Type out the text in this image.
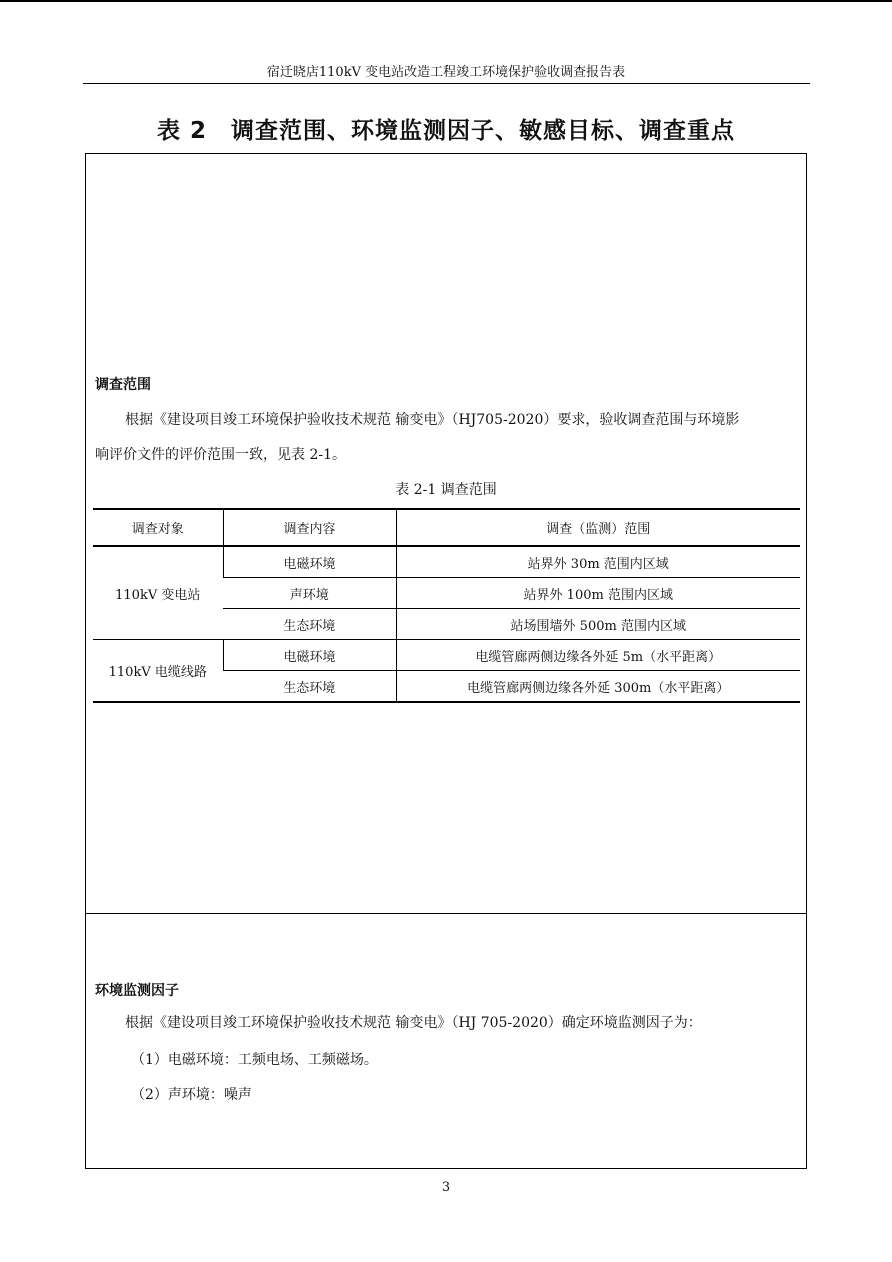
宿迁晓店110kV 变电站改造工程竣工环境保护验收调查报告表
表 2　调查范围、环境监测因子、敏感目标、调查重点
调查范围
根据《建设项目竣工环境保护验收技术规范 输变电》（HJ705-2020）要求，验收调查范围与环境影
响评价文件的评价范围一致，见表 2-1。
表 2-1 调查范围
调查对象	调查内容	调查（监测）范围
110kV 变电站	电磁环境	站界外 30m 范围内区域
	声环境	站界外 100m 范围内区域
	生态环境	站场围墙外 500m 范围内区域
110kV 电缆线路	电磁环境	电缆管廊两侧边缘各外延 5m（水平距离）
	生态环境	电缆管廊两侧边缘各外延 300m（水平距离）
环境监测因子
根据《建设项目竣工环境保护验收技术规范 输变电》（HJ 705-2020）确定环境监测因子为：
（1）电磁环境：工频电场、工频磁场。
（2）声环境：噪声
3
